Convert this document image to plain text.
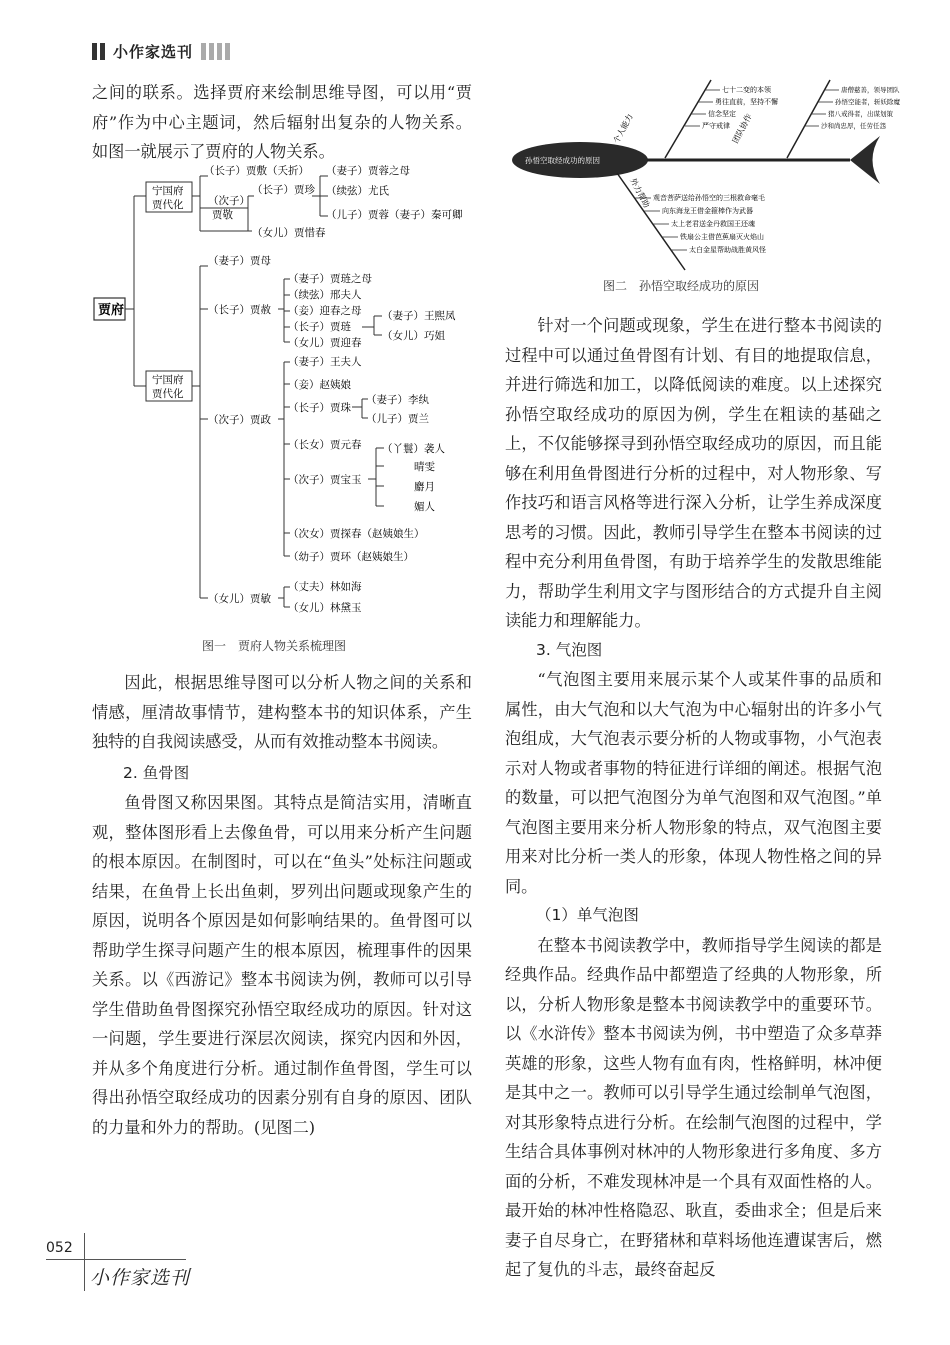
小作家选刊

之间的联系。选择贾府来绘制思维导图，可以用“贾府”作为中心主题词，然后辐射出复杂的人物关系。如图一就展示了贾府的人物关系。

贾府
宁国府
贾代化
宁国府
贾代化
（长子）贾敷（夭折）
（次子）
贾敬
（长子）贾珍
（妻子）贾蓉之母
（续弦）尤氏
（儿子）贾蓉（妻子）秦可卿
（女儿）贾惜春
（妻子）贾母
（长子）贾赦
（妻子）贾琏之母
（续弦）邢夫人
（妾）迎春之母
（长子）贾琏
（女儿）贾迎春
（妻子）王熙凤
（女儿）巧姐
（次子）贾政
（妻子）王夫人
（妾）赵姨娘
（长子）贾珠
（妻子）李纨
（儿子）贾兰
（长女）贾元春
（次子）贾宝玉
（丫鬟）袭人
晴雯
麝月
媚人
（次女）贾探春（赵姨娘生）
（幼子）贾环（赵姨娘生）
（女儿）贾敏
（丈夫）林如海
（女儿）林黛玉
图一　贾府人物关系梳理图

因此，根据思维导图可以分析人物之间的关系和情感，厘清故事情节，建构整本书的知识体系，产生独特的自我阅读感受，从而有效推动整本书阅读。

2. 鱼骨图

鱼骨图又称因果图。其特点是简洁实用，清晰直观，整体图形看上去像鱼骨，可以用来分析产生问题的根本原因。在制图时，可以在“鱼头”处标注问题或结果，在鱼骨上长出鱼刺，罗列出问题或现象产生的原因，说明各个原因是如何影响结果的。鱼骨图可以帮助学生探寻问题产生的根本原因，梳理事件的因果关系。以《西游记》整本书阅读为例，教师可以引导学生借助鱼骨图探究孙悟空取经成功的原因。针对这一问题，学生要进行深层次阅读，探究内因和外因，并从多个角度进行分析。通过制作鱼骨图，学生可以得出孙悟空取经成功的因素分别有自身的原因、团队的力量和外力的帮助。(见图二)

孙悟空取经成功的原因
个人能力	团队协作
外力帮助
七十二变的本领
勇往直前，坚持不懈
信念坚定
严守戒律
唐僧慈善，领导团队
孙悟空能者，斩妖除魔
猪八戒得者，出谋划策
沙和尚忠厚，任劳任怨
观音菩萨送给孙悟空的三根救命毫毛
向东海龙王借金箍棒作为武器
太上老君送金丹救国王还魂
铁扇公主借芭蕉扇灭火焰山
太白金星帮助战胜黄风怪
图二　孙悟空取经成功的原因

针对一个问题或现象，学生在进行整本书阅读的过程中可以通过鱼骨图有计划、有目的地提取信息，并进行筛选和加工，以降低阅读的难度。以上述探究孙悟空取经成功的原因为例，学生在粗读的基础之上，不仅能够探寻到孙悟空取经成功的原因，而且能够在利用鱼骨图进行分析的过程中，对人物形象、写作技巧和语言风格等进行深入分析，让学生养成深度思考的习惯。因此，教师引导学生在整本书阅读的过程中充分利用鱼骨图，有助于培养学生的发散思维能力，帮助学生利用文字与图形结合的方式提升自主阅读能力和理解能力。

3. 气泡图

“气泡图主要用来展示某个人或某件事的品质和属性，由大气泡和以大气泡为中心辐射出的许多小气泡组成，大气泡表示要分析的人物或事物，小气泡表示对人物或者事物的特征进行详细的阐述。根据气泡的数量，可以把气泡图分为单气泡图和双气泡图。”单气泡图主要用来分析人物形象的特点，双气泡图主要用来对比分析一类人的形象，体现人物性格之间的异同。

（1）单气泡图

在整本书阅读教学中，教师指导学生阅读的都是经典作品。经典作品中都塑造了经典的人物形象，所以，分析人物形象是整本书阅读教学中的重要环节。以《水浒传》整本书阅读为例，书中塑造了众多草莽英雄的形象，这些人物有血有肉，性格鲜明，林冲便是其中之一。教师可以引导学生通过绘制单气泡图，对其形象特点进行分析。在绘制气泡图的过程中，学生结合具体事例对林冲的人物形象进行多角度、多方面的分析，不难发现林冲是一个具有双面性格的人。最开始的林冲性格隐忍、耿直，委曲求全；但是后来妻子自尽身亡，在野猪林和草料场他连遭谋害后，燃起了复仇的斗志，最终奋起反

052
小作家选刊
